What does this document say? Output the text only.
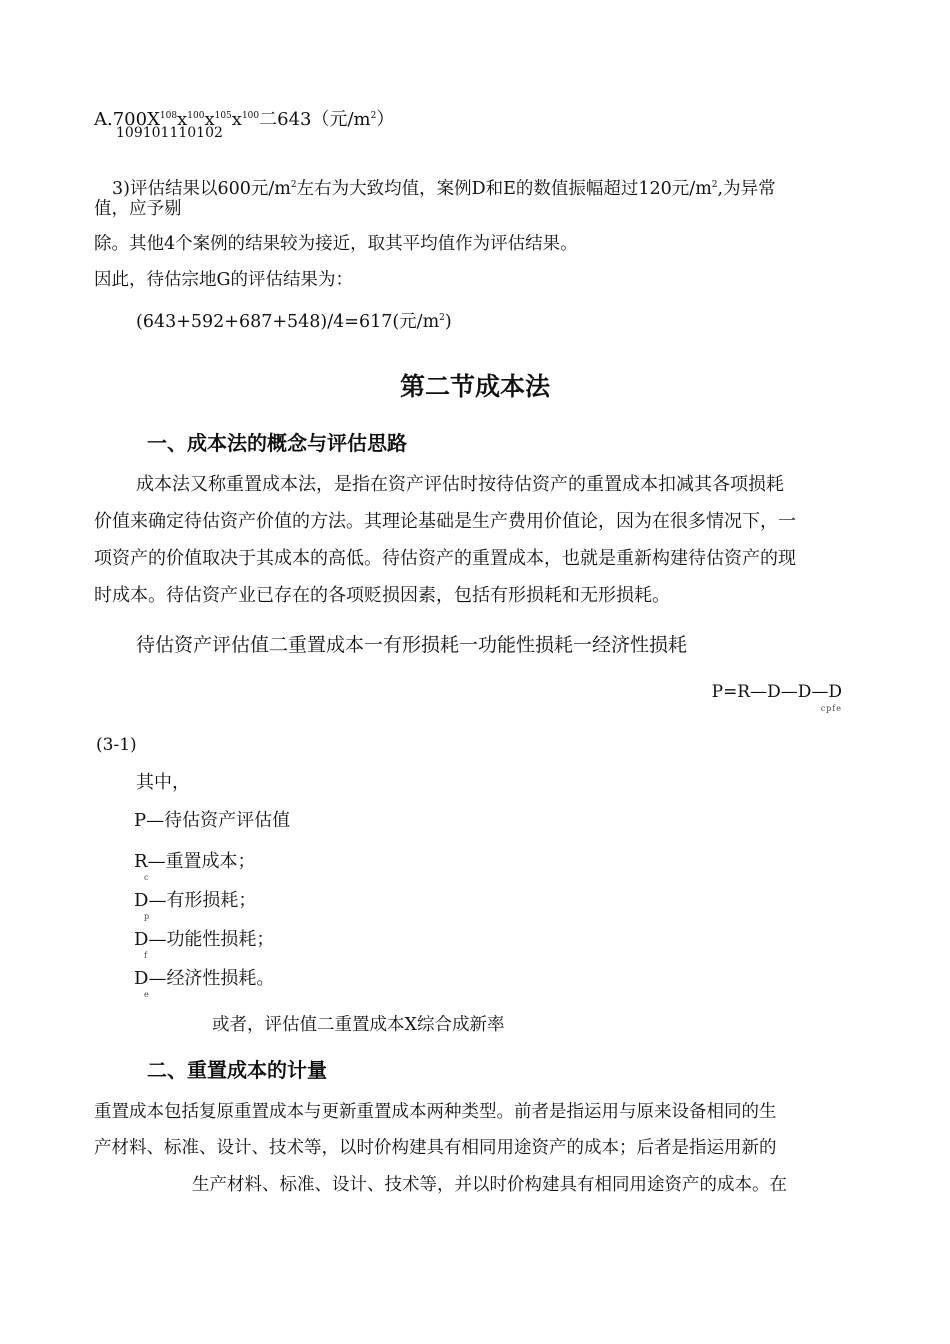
$A.700X^{108}x^{100}x^{105}x^{100}$二643（元$/m^2$）
109101110102
3)评估结果以600元$/m^2$左右为大致均值，案例D和E的数值振幅超过120元$/m^2$,为异常
值，应予剔
除。其他4个案例的结果较为接近，取其平均值作为评估结果。
因此，待估宗地G的评估结果为：
(643+592+687+548)/4=617(元$/m^2$)
第二节成本法
一、成本法的概念与评估思路
成本法又称重置成本法，是指在资产评估时按待估资产的重置成本扣减其各项损耗
价值来确定待估资产价值的方法。其理论基础是生产费用价值论，因为在很多情况下，一
项资产的价值取决于其成本的高低。待估资产的重置成本，也就是重新构建待估资产的现
时成本。待估资产业已存在的各项贬损因素，包括有形损耗和无形损耗。
待估资产评估值二重置成本一有形损耗一功能性损耗一经济性损耗
P=R—D—D—D
cpfe
(3-1)
其中，
P—待估资产评估值
R—重置成本；
c
D—有形损耗；
p
D—功能性损耗；
f
D—经济性损耗。
e
或者，评估值二重置成本X综合成新率
二、重置成本的计量
重置成本包括复原重置成本与更新重置成本两种类型。前者是指运用与原来设备相同的生
产材料、标准、设计、技术等，以时价构建具有相同用途资产的成本；后者是指运用新的
生产材料、标准、设计、技术等，并以时价构建具有相同用途资产的成本。在
